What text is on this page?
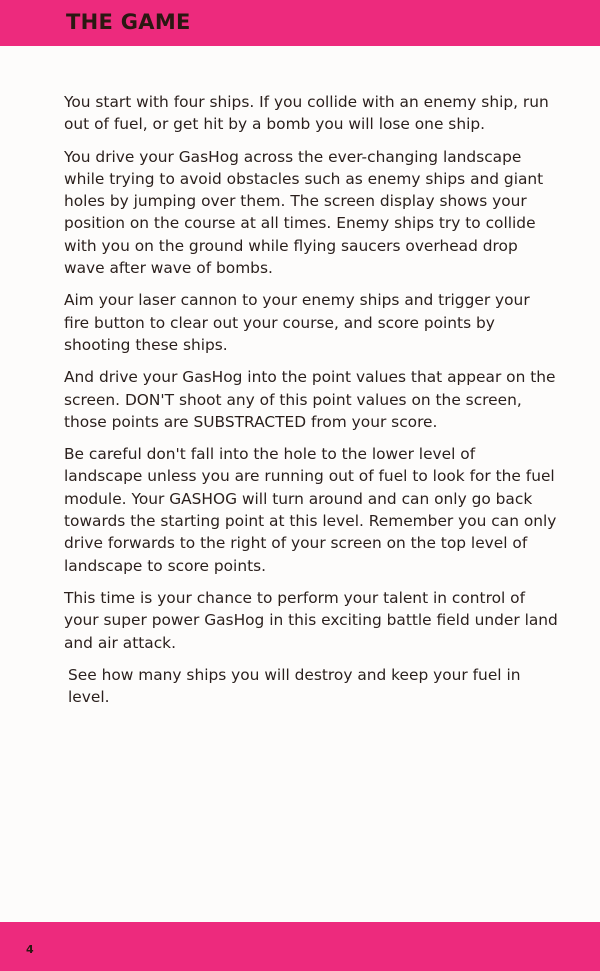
THE GAME

You start with four ships. If you collide with an enemy ship, run out of fuel, or get hit by a bomb you will lose one ship.

You drive your GasHog across the ever-changing landscape while trying to avoid obstacles such as enemy ships and giant holes by jumping over them. The screen display shows your position on the course at all times. Enemy ships try to collide with you on the ground while flying saucers overhead drop wave after wave of bombs.

Aim your laser cannon to your enemy ships and trigger your fire button to clear out your course, and score points by shooting these ships.

And drive your GasHog into the point values that appear on the screen. DON'T shoot any of this point values on the screen, those points are SUBSTRACTED from your score.

Be careful don't fall into the hole to the lower level of landscape unless you are running out of fuel to look for the fuel module. Your GASHOG will turn around and can only go back towards the starting point at this level. Remember you can only drive forwards to the right of your screen on the top level of landscape to score points.

This time is your chance to perform your talent in control of your super power GasHog in this exciting battle field under land and air attack.

See how many ships you will destroy and keep your fuel in level.

4
